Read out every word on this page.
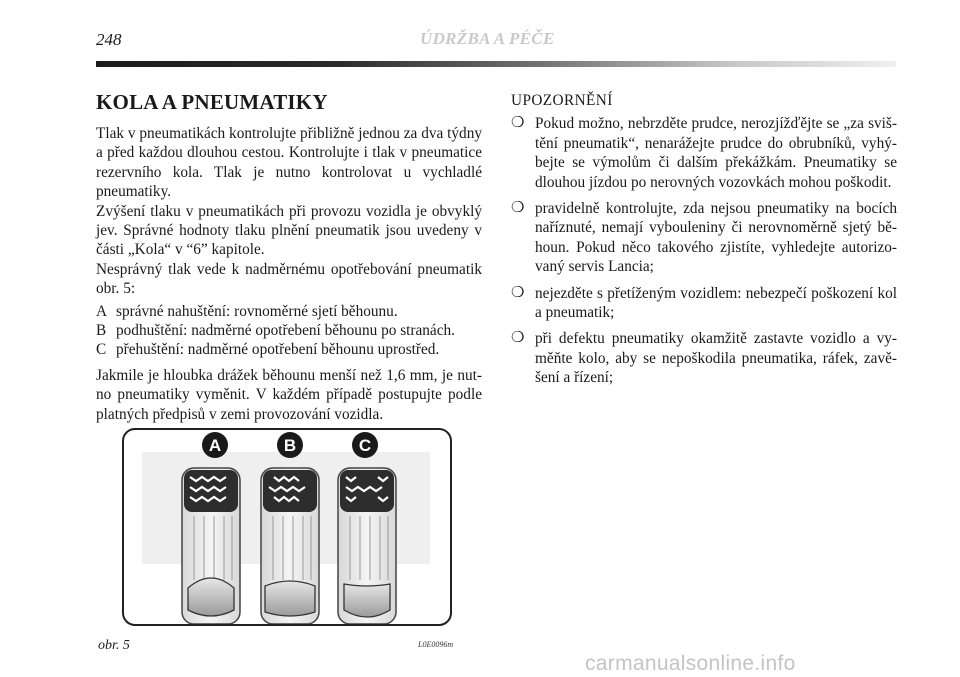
248	ÚDRŽBA A PÉČE
KOLA A PNEUMATIKY

Tlak v pneumatikách kontrolujte přibližně jednou za dva týdny a před každou dlouhou cestou. Kontrolujte i tlak v pneumatice rezervního kola. Tlak je nutno kontrolovat u vychladlé pneumatiky.

Zvýšení tlaku v pneumatikách při provozu vozidla je obvyklý jev. Správné hodnoty tlaku plnění pneumatik jsou uvedeny v části „Kola“ v “6” kapitole.

Nesprávný tlak vede k nadměrnému opotřebování pneumatik obr. 5:

A správné nahuštění: rovnoměrné sjetí běhounu.
B podhuštění: nadměrné opotřebení běhounu po stranách.
C přehuštění: nadměrné opotřebení běhounu uprostřed.

Jakmile je hloubka drážek běhounu menší než 1,6 mm, je nutno pneumatiky vyměnit. V každém případě postupujte podle platných předpisů v zemi provozování vozidla.

UPOZORNĚNÍ
❍ Pokud možno, nebrzděte prudce, nerozjížďějte se „za svištění pneumatik“, nenarážejte prudce do obrubníků, vyhýbejte se výmolům či dalším překážkám. Pneumatiky se dlouhou jízdou po nerovných vozovkách mohou poškodit.
❍ pravidelně kontrolujte, zda nejsou pneumatiky na bocích naříznuté, nemají vybouleniny či nerovnoměrně sjetý běhoun. Pokud něco takového zjistíte, vyhledejte autorizovaný servis Lancia;
❍ nejezděte s přetíženým vozidlem: nebezpečí poškození kol a pneumatik;
❍ při defektu pneumatiky okamžitě zastavte vozidlo a vyměňte kolo, aby se nepoškodila pneumatika, ráfek, zavěšení a řízení;
A	B	C
obr. 5	L0E0096m
carmanualsonline.info
